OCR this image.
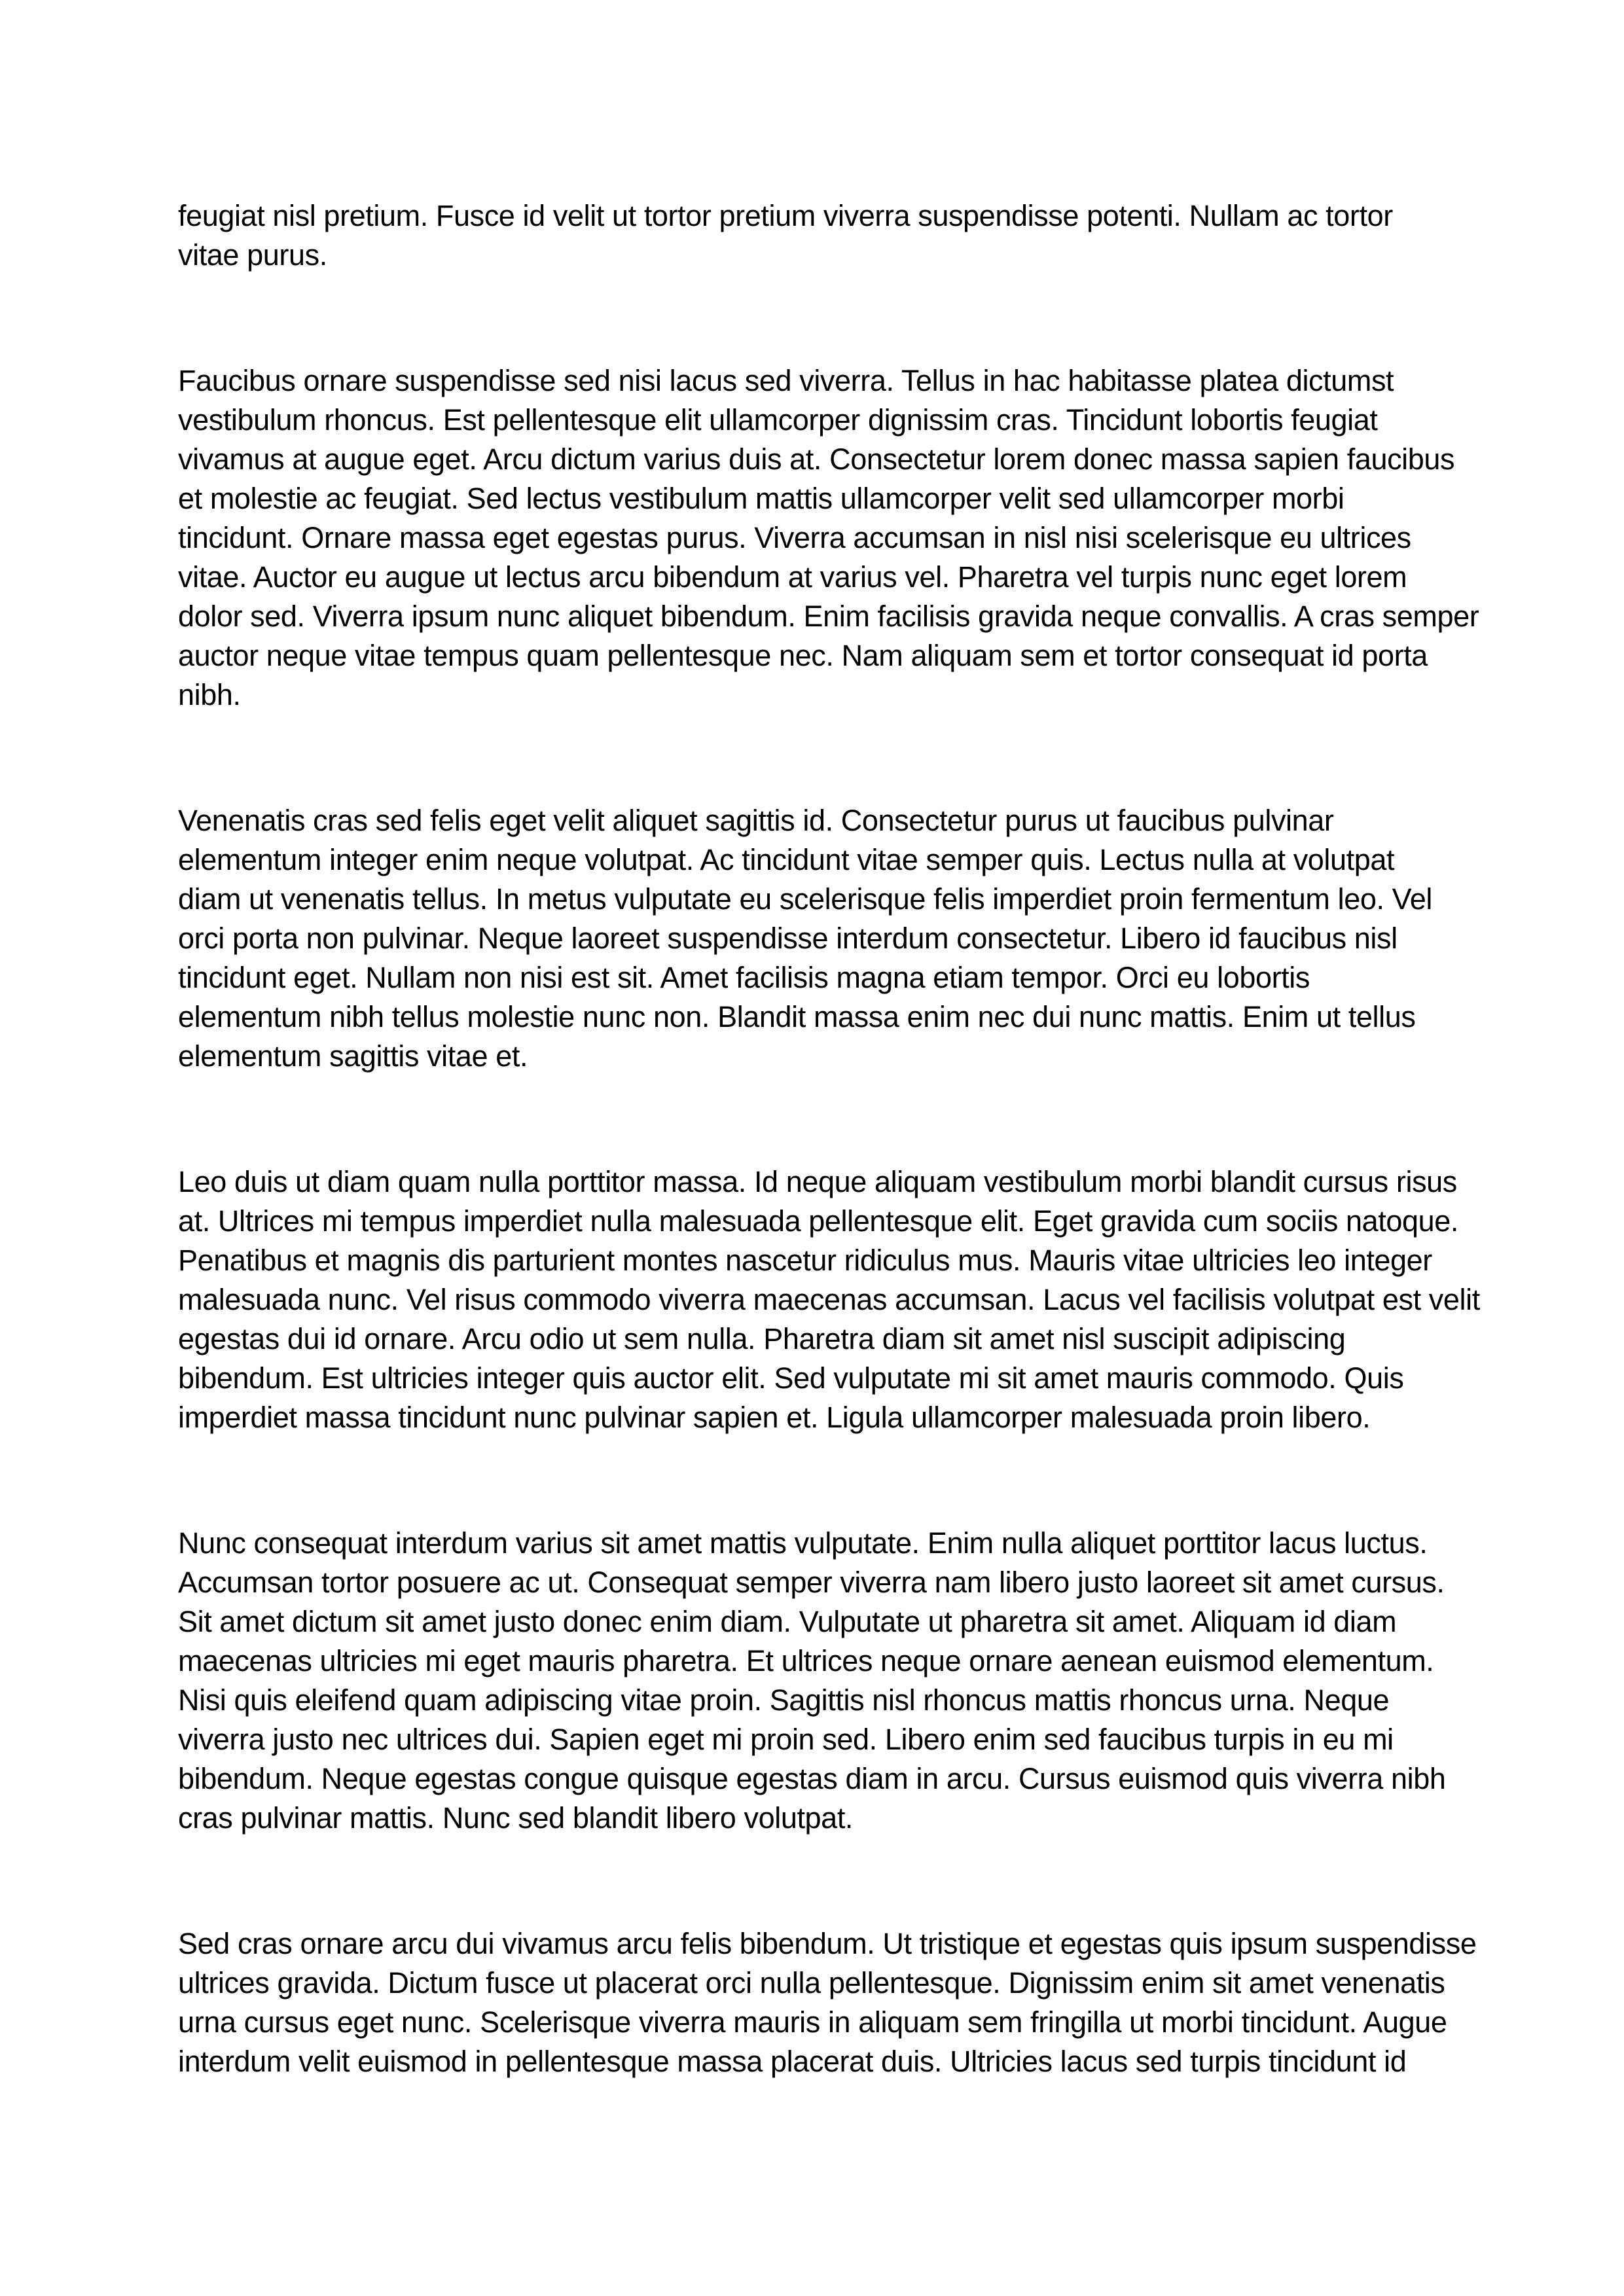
feugiat nisl pretium. Fusce id velit ut tortor pretium viverra suspendisse potenti. Nullam ac tortor
vitae purus.
Faucibus ornare suspendisse sed nisi lacus sed viverra. Tellus in hac habitasse platea dictumst
vestibulum rhoncus. Est pellentesque elit ullamcorper dignissim cras. Tincidunt lobortis feugiat
vivamus at augue eget. Arcu dictum varius duis at. Consectetur lorem donec massa sapien faucibus
et molestie ac feugiat. Sed lectus vestibulum mattis ullamcorper velit sed ullamcorper morbi
tincidunt. Ornare massa eget egestas purus. Viverra accumsan in nisl nisi scelerisque eu ultrices
vitae. Auctor eu augue ut lectus arcu bibendum at varius vel. Pharetra vel turpis nunc eget lorem
dolor sed. Viverra ipsum nunc aliquet bibendum. Enim facilisis gravida neque convallis. A cras semper
auctor neque vitae tempus quam pellentesque nec. Nam aliquam sem et tortor consequat id porta
nibh.
Venenatis cras sed felis eget velit aliquet sagittis id. Consectetur purus ut faucibus pulvinar
elementum integer enim neque volutpat. Ac tincidunt vitae semper quis. Lectus nulla at volutpat
diam ut venenatis tellus. In metus vulputate eu scelerisque felis imperdiet proin fermentum leo. Vel
orci porta non pulvinar. Neque laoreet suspendisse interdum consectetur. Libero id faucibus nisl
tincidunt eget. Nullam non nisi est sit. Amet facilisis magna etiam tempor. Orci eu lobortis
elementum nibh tellus molestie nunc non. Blandit massa enim nec dui nunc mattis. Enim ut tellus
elementum sagittis vitae et.
Leo duis ut diam quam nulla porttitor massa. Id neque aliquam vestibulum morbi blandit cursus risus
at. Ultrices mi tempus imperdiet nulla malesuada pellentesque elit. Eget gravida cum sociis natoque.
Penatibus et magnis dis parturient montes nascetur ridiculus mus. Mauris vitae ultricies leo integer
malesuada nunc. Vel risus commodo viverra maecenas accumsan. Lacus vel facilisis volutpat est velit
egestas dui id ornare. Arcu odio ut sem nulla. Pharetra diam sit amet nisl suscipit adipiscing
bibendum. Est ultricies integer quis auctor elit. Sed vulputate mi sit amet mauris commodo. Quis
imperdiet massa tincidunt nunc pulvinar sapien et. Ligula ullamcorper malesuada proin libero.
Nunc consequat interdum varius sit amet mattis vulputate. Enim nulla aliquet porttitor lacus luctus.
Accumsan tortor posuere ac ut. Consequat semper viverra nam libero justo laoreet sit amet cursus.
Sit amet dictum sit amet justo donec enim diam. Vulputate ut pharetra sit amet. Aliquam id diam
maecenas ultricies mi eget mauris pharetra. Et ultrices neque ornare aenean euismod elementum.
Nisi quis eleifend quam adipiscing vitae proin. Sagittis nisl rhoncus mattis rhoncus urna. Neque
viverra justo nec ultrices dui. Sapien eget mi proin sed. Libero enim sed faucibus turpis in eu mi
bibendum. Neque egestas congue quisque egestas diam in arcu. Cursus euismod quis viverra nibh
cras pulvinar mattis. Nunc sed blandit libero volutpat.
Sed cras ornare arcu dui vivamus arcu felis bibendum. Ut tristique et egestas quis ipsum suspendisse
ultrices gravida. Dictum fusce ut placerat orci nulla pellentesque. Dignissim enim sit amet venenatis
urna cursus eget nunc. Scelerisque viverra mauris in aliquam sem fringilla ut morbi tincidunt. Augue
interdum velit euismod in pellentesque massa placerat duis. Ultricies lacus sed turpis tincidunt id
